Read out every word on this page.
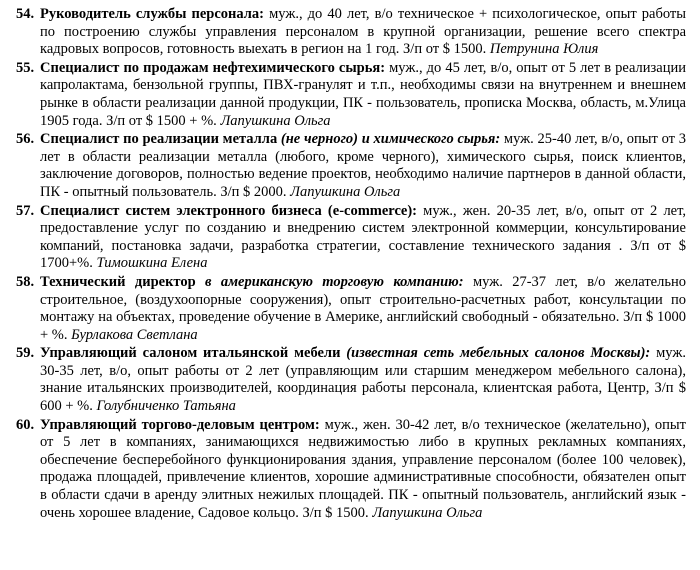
54. Руководитель службы персонала: муж., до 40 лет, в/о техническое + психологическое, опыт работы по построению службы управления персоналом в крупной организации, решение всего спектра кадровых вопросов, готовность выехать в регион на 1 год. З/п от $ 1500. Петрунина Юлия
55. Специалист по продажам нефтехимического сырья: муж., до 45 лет, в/о, опыт от 5 лет в реализации капролактама, бензольной группы, ПВХ-гранулят и т.п., необходимы связи на внутреннем и внешнем рынке в области реализации данной продукции, ПК - пользователь, прописка Москва, область, м.Улица 1905 года. З/п от $ 1500 + %. Лапушкина Ольга
56. Специалист по реализации металла (не черного) и химического сырья: муж. 25-40 лет, в/о, опыт от 3 лет в области реализации металла (любого, кроме черного), химического сырья, поиск клиентов, заключение договоров, полностью ведение проектов, необходимо наличие партнеров в данной области, ПК - опытный пользователь. З/п $ 2000. Лапушкина Ольга
57. Специалист систем электронного бизнеса (e-commerce): муж., жен. 20-35 лет, в/о, опыт от 2 лет, предоставление услуг по созданию и внедрению систем электронной коммерции, консультирование компаний, постановка задачи, разработка стратегии, составление технического задания . З/п от $ 1700+%. Тимошкина Елена
58. Технический директор в американскую торговую компанию: муж. 27-37 лет, в/о желательно строительное, (воздухоопорные сооружения), опыт строительно-расчетных работ, консультации по монтажу на объектах, проведение обучение в Америке, английский свободный - обязательно. З/п $ 1000 + %. Бурлакова Светлана
59. Управляющий салоном итальянской мебели (известная сеть мебельных салонов Москвы): муж. 30-35 лет, в/о, опыт работы от 2 лет (управляющим или старшим менеджером мебельного салона), знание итальянских производителей, координация работы персонала, клиентская работа, Центр, З/п $ 600 + %. Голубниченко Татьяна
60. Управляющий торгово-деловым центром: муж., жен. 30-42 лет, в/о техническое (желательно), опыт от 5 лет в компаниях, занимающихся недвижимостью либо в крупных рекламных компаниях, обеспечение бесперебойного функционирования здания, управление персоналом (более 100 человек), продажа площадей, привлечение клиентов, хорошие административные способности, обязателен опыт в области сдачи в аренду элитных нежилых площадей. ПК - опытный пользователь, английский язык - очень хорошее владение, Садовое кольцо. З/п $ 1500. Лапушкина Ольга
